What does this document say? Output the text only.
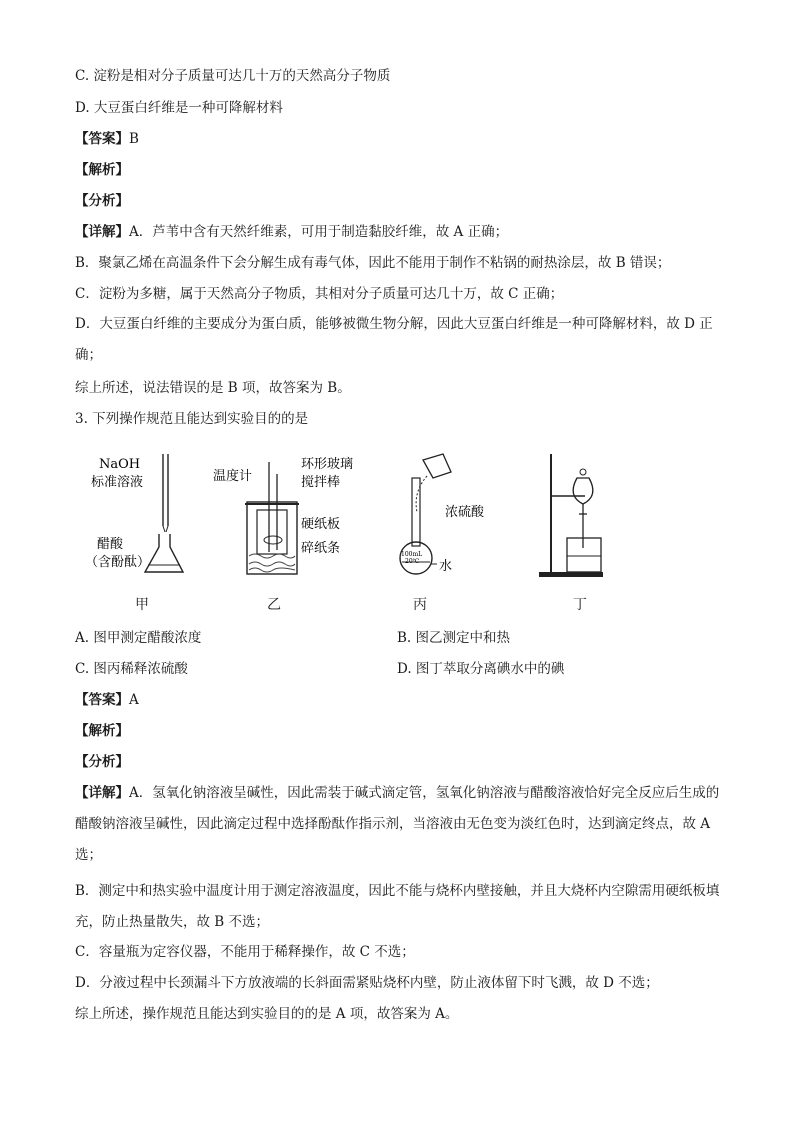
C. 淀粉是相对分子质量可达几十万的天然高分子物质
D. 大豆蛋白纤维是一种可降解材料
【答案】B
【解析】
【分析】
【详解】A．芦苇中含有天然纤维素，可用于制造黏胶纤维，故 A 正确；
B．聚氯乙烯在高温条件下会分解生成有毒气体，因此不能用于制作不粘锅的耐热涂层，故 B 错误；
C．淀粉为多糖，属于天然高分子物质，其相对分子质量可达几十万，故 C 正确；
D．大豆蛋白纤维的主要成分为蛋白质，能够被微生物分解，因此大豆蛋白纤维是一种可降解材料，故 D 正确；
综上所述，说法错误的是 B 项，故答案为 B。
3. 下列操作规范且能达到实验目的的是
NaOH
标准溶液
醋酸
（含酚酞）
温度计
环形玻璃
搅拌棒
硬纸板
碎纸条
浓硫酸
100mL
20℃ 水
甲	乙	丙	丁
A. 图甲测定醋酸浓度	B. 图乙测定中和热
C. 图丙稀释浓硫酸	D. 图丁萃取分离碘水中的碘
【答案】A
【解析】
【分析】
【详解】A．氢氧化钠溶液呈碱性，因此需装于碱式滴定管，氢氧化钠溶液与醋酸溶液恰好完全反应后生成的醋酸钠溶液呈碱性，因此滴定过程中选择酚酞作指示剂，当溶液由无色变为淡红色时，达到滴定终点，故 A 选；
B．测定中和热实验中温度计用于测定溶液温度，因此不能与烧杯内壁接触，并且大烧杯内空隙需用硬纸板填充，防止热量散失，故 B 不选；
C．容量瓶为定容仪器，不能用于稀释操作，故 C 不选；
D．分液过程中长颈漏斗下方放液端的长斜面需紧贴烧杯内壁，防止液体留下时飞溅，故 D 不选；
综上所述，操作规范且能达到实验目的的是 A 项，故答案为 A。
